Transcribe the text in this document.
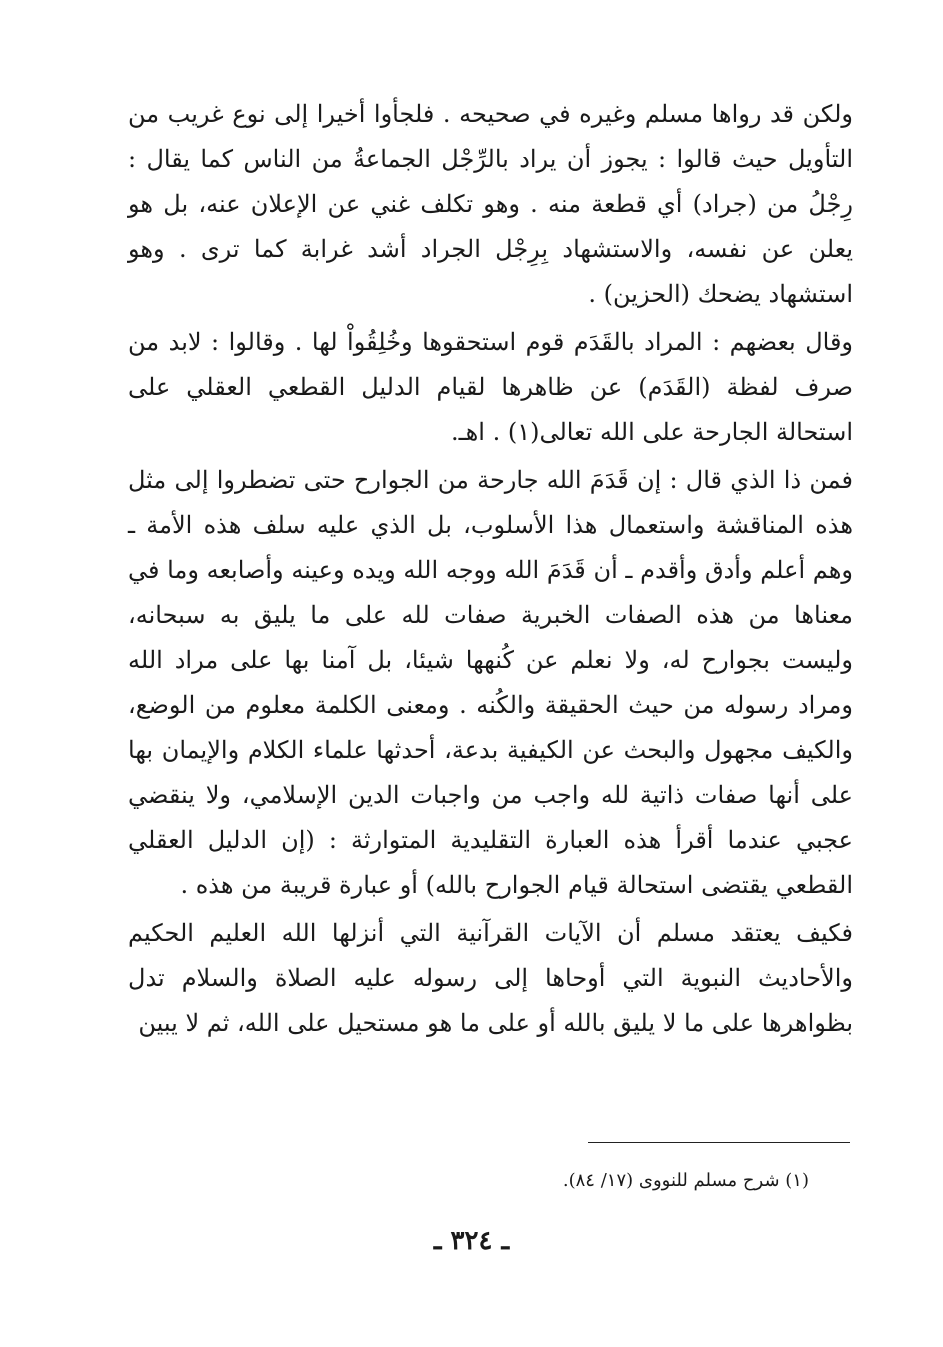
ولكن قد رواها مسلم وغيره في صحيحه . فلجأوا أخيرا إلى نوع غريب من التأويل حيث قالوا : يجوز أن يراد بالرِّجْل الجماعةُ من الناس كما يقال : رِجْلُ من (جراد) أي قطعة منه . وهو تكلف غني عن الإعلان عنه، بل هو يعلن عن نفسه، والاستشهاد بِرِجْل الجراد أشد غرابة كما ترى . وهو استشهاد يضحك (الحزين) .

وقال بعضهم : المراد بالقَدَم قوم استحقوها وخُلِقُواْ لها . وقالوا : لابد من صرف لفظة (القَدَم) عن ظاهرها لقيام الدليل القطعي العقلي على استحالة الجارحة على الله تعالى(١) . اهـ.

فمن ذا الذي قال : إن قَدَمَ الله جارحة من الجوارح حتى تضطروا إلى مثل هذه المناقشة واستعمال هذا الأسلوب، بل الذي عليه سلف هذه الأمة ـ وهم أعلم وأدق وأقدم ـ أن قَدَمَ الله ووجه الله ويده وعينه وأصابعه وما في معناها من هذه الصفات الخبرية صفات لله على ما يليق به سبحانه، وليست بجوارح له، ولا نعلم عن كُنهها شيئا، بل آمنا بها على مراد الله ومراد رسوله من حيث الحقيقة والكُنه . ومعنى الكلمة معلوم من الوضع، والكيف مجهول والبحث عن الكيفية بدعة، أحدثها علماء الكلام والإيمان بها على أنها صفات ذاتية لله واجب من واجبات الدين الإسلامي، ولا ينقضي عجبي عندما أقرأ هذه العبارة التقليدية المتوارثة : (إن الدليل العقلي القطعي يقتضى استحالة قيام الجوارح بالله) أو عبارة قريبة من هذه .

فكيف يعتقد مسلم أن الآيات القرآنية التي أنزلها الله العليم الحكيم والأحاديث النبوية التي أوحاها إلى رسوله عليه الصلاة والسلام تدل بظواهرها على ما لا يليق بالله أو على ما هو مستحيل على الله، ثم لا يبين

(١) شرح مسلم للنووى (١٧/ ٨٤).
ـ ٣٢٤ ـ
